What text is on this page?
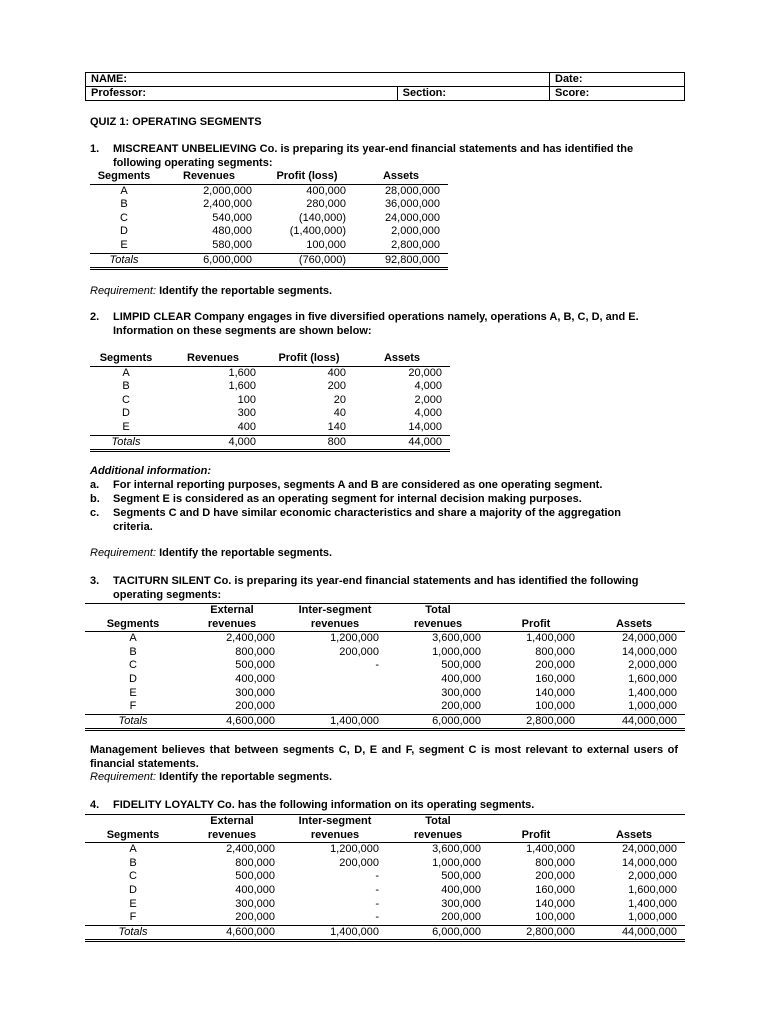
NAME:		Date:
Professor:	Section:	Score:
QUIZ 1: OPERATING SEGMENTS
1.	MISCREANT UNBELIEVING Co. is preparing its year-end financial statements and has identified the following operating segments:
Segments	Revenues	Profit (loss)	Assets
A	2,000,000	400,000	28,000,000
B	2,400,000	280,000	36,000,000
C	540,000	(140,000)	24,000,000
D	480,000	(1,400,000)	2,000,000
E	580,000	100,000	2,800,000
Totals	6,000,000	(760,000)	92,800,000
Requirement: Identify the reportable segments.
2.	LIMPID CLEAR Company engages in five diversified operations namely, operations A, B, C, D, and E. Information on these segments are shown below:
Segments	Revenues	Profit (loss)	Assets
A	1,600	400	20,000
B	1,600	200	4,000
C	100	20	2,000
D	300	40	4,000
E	400	140	14,000
Totals	4,000	800	44,000
Additional information:
a.	For internal reporting purposes, segments A and B are considered as one operating segment.
b.	Segment E is considered as an operating segment for internal decision making purposes.
c.	Segments C and D have similar economic characteristics and share a majority of the aggregation criteria.
Requirement: Identify the reportable segments.
3.	TACITURN SILENT Co. is preparing its year-end financial statements and has identified the following operating segments:
	External	Inter-segment	Total		
Segments	revenues	revenues	revenues	Profit	Assets
A	2,400,000	1,200,000	3,600,000	1,400,000	24,000,000
B	800,000	200,000	1,000,000	800,000	14,000,000
C	500,000	-	500,000	200,000	2,000,000
D	400,000		400,000	160,000	1,600,000
E	300,000		300,000	140,000	1,400,000
F	200,000		200,000	100,000	1,000,000
Totals	4,600,000	1,400,000	6,000,000	2,800,000	44,000,000
Management believes that between segments C, D, E and F, segment C is most relevant to external users of financial statements.
Requirement: Identify the reportable segments.
4.	FIDELITY LOYALTY Co. has the following information on its operating segments.
	External	Inter-segment	Total		
Segments	revenues	revenues	revenues	Profit	Assets
A	2,400,000	1,200,000	3,600,000	1,400,000	24,000,000
B	800,000	200,000	1,000,000	800,000	14,000,000
C	500,000	-	500,000	200,000	2,000,000
D	400,000	-	400,000	160,000	1,600,000
E	300,000	-	300,000	140,000	1,400,000
F	200,000	-	200,000	100,000	1,000,000
Totals	4,600,000	1,400,000	6,000,000	2,800,000	44,000,000
